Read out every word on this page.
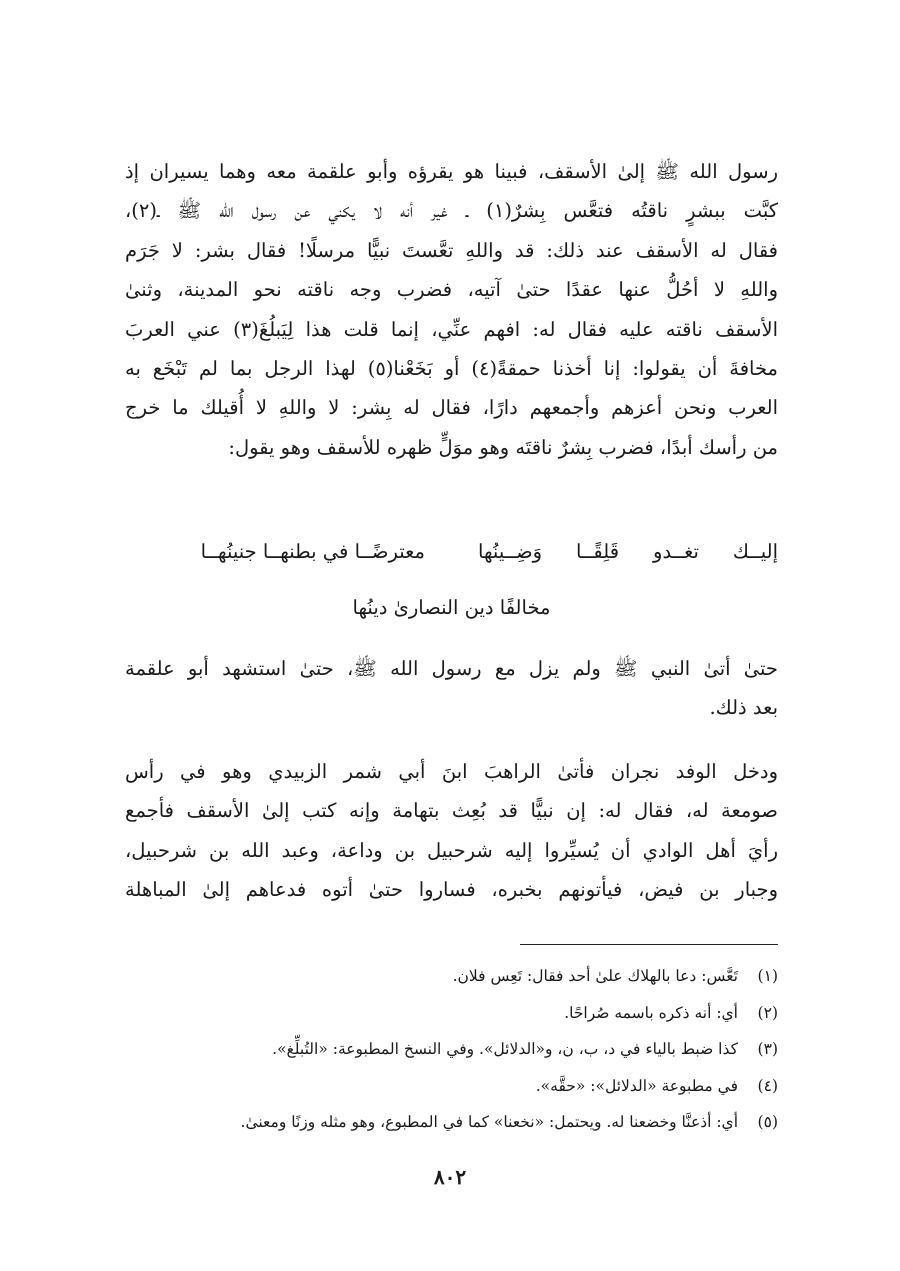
رسول الله ﷺ إلىٰ الأسقف، فبينا هو يقرؤه وأبو علقمة معه وهما يسيران إذ
كبَّت ببشرٍ ناقتُه فتعَّس بِشرٌ(١) ـ غير أنه لا يكني عن رسول الله ﷺ ـ(٢)،
فقال له الأسقف عند ذلك: قد واللهِ تعَّستَ نبيًّا مرسلًا! فقال بشر: لا جَرَم
واللهِ لا أحُلُّ عنها عقدًا حتىٰ آتيه، فضرب وجه ناقته نحو المدينة، وثنىٰ
الأسقف ناقته عليه فقال له: افهم عنِّي، إنما قلت هذا لِيَبلُغَ(٣) عني العربَ
مخافةَ أن يقولوا: إنا أخذنا حمقةً(٤) أو بَخَعْنا(٥) لهذا الرجل بما لم تَبْخَع به
العرب ونحن أعزهم وأجمعهم دارًا، فقال له بِشر: لا واللهِ لا أُقيلك ما خرج
من رأسك أبدًا، فضرب بِشرٌ ناقتَه وهو موَلٍّ ظهره للأسقف وهو يقول:
إليــك تغــدو قَلِقًــا وَضِــينُها
معترضًــا في بطنهــا جنينُهــا
مخالفًا دين النصارىٰ دينُها
حتىٰ أتىٰ النبي ﷺ ولم يزل مع رسول الله ﷺ، حتىٰ استشهد أبو علقمة
بعد ذلك.
ودخل الوفد نجران فأتىٰ الراهبَ ابنَ أبي شمر الزبيدي وهو في رأس
صومعة له، فقال له: إن نبيًّا قد بُعِث بتهامة وإنه كتب إلىٰ الأسقف فأجمع
رأيَ أهل الوادي أن يُسيِّروا إليه شرحبيل بن وداعة، وعبد الله بن شرحبيل،
وجبار بن فيض، فيأتونهم بخبره، فساروا حتىٰ أتوه فدعاهم إلىٰ المباهلة
(١)تَعَّس: دعا بالهلاك علىٰ أحد فقال: تَعِس فلان.
(٢)أي: أنه ذكره باسمه صُراحًا.
(٣)كذا ضبط بالياء في د، ب، ن، و«الدلائل». وفي النسخ المطبوعة: «التُبلِّغ».
(٤)في مطبوعة «الدلائل»: «حقَّه».
(٥)أي: أذعنَّا وخضعنا له. ويحتمل: «نخعنا» كما في المطبوع، وهو مثله وزنًا ومعنىٰ.
٨٠٢
